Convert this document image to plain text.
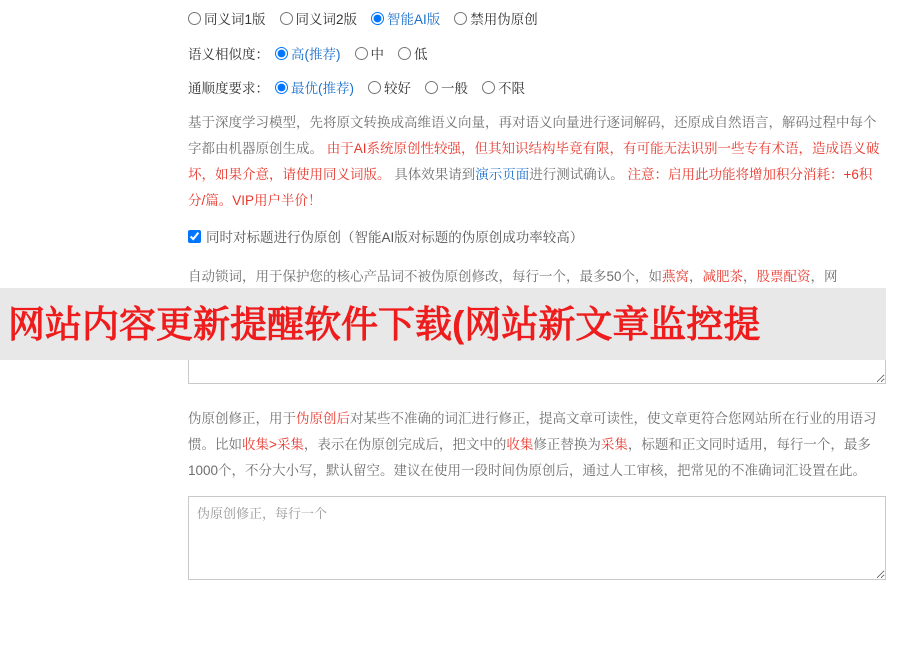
同义词1版 同义词2版 智能AI版 禁用伪原创
语义相似度： 高(推荐) 中 低
通顺度要求： 最优(推荐) 较好 一般 不限
基于深度学习模型，先将原文转换成高维语义向量，再对语义向量进行逐词解码，还原成自然语言，解码过程中每个字都由机器原创生成。 由于AI系统原创性较强，但其知识结构毕竟有限，有可能无法识别一些专有术语，造成语义破坏，如果介意，请使用同义词版。 具体效果请到演示页面进行测试确认。 注意：启用此功能将增加积分消耗：+6积分/篇。VIP用户半价！
同时对标题进行伪原创（智能AI版对标题的伪原创成功率较高）
自动锁词，用于保护您的核心产品词不被伪原创修改，每行一个，最多50个，如燕窝，减肥茶，股票配资，网
伪原创锁定词，每行一个
伪原创修正，用于伪原创后对某些不准确的词汇进行修正，提高文章可读性，使文章更符合您网站所在行业的用语习惯。比如收集>采集，表示在伪原创完成后，把文中的收集修正替换为采集，标题和正文同时适用，每行一个，最多1000个，不分大小写，默认留空。建议在使用一段时间伪原创后，通过人工审核，把常见的不准确词汇设置在此。
伪原创修正，每行一个
网站内容更新提醒软件下载(网站新文章监控提
